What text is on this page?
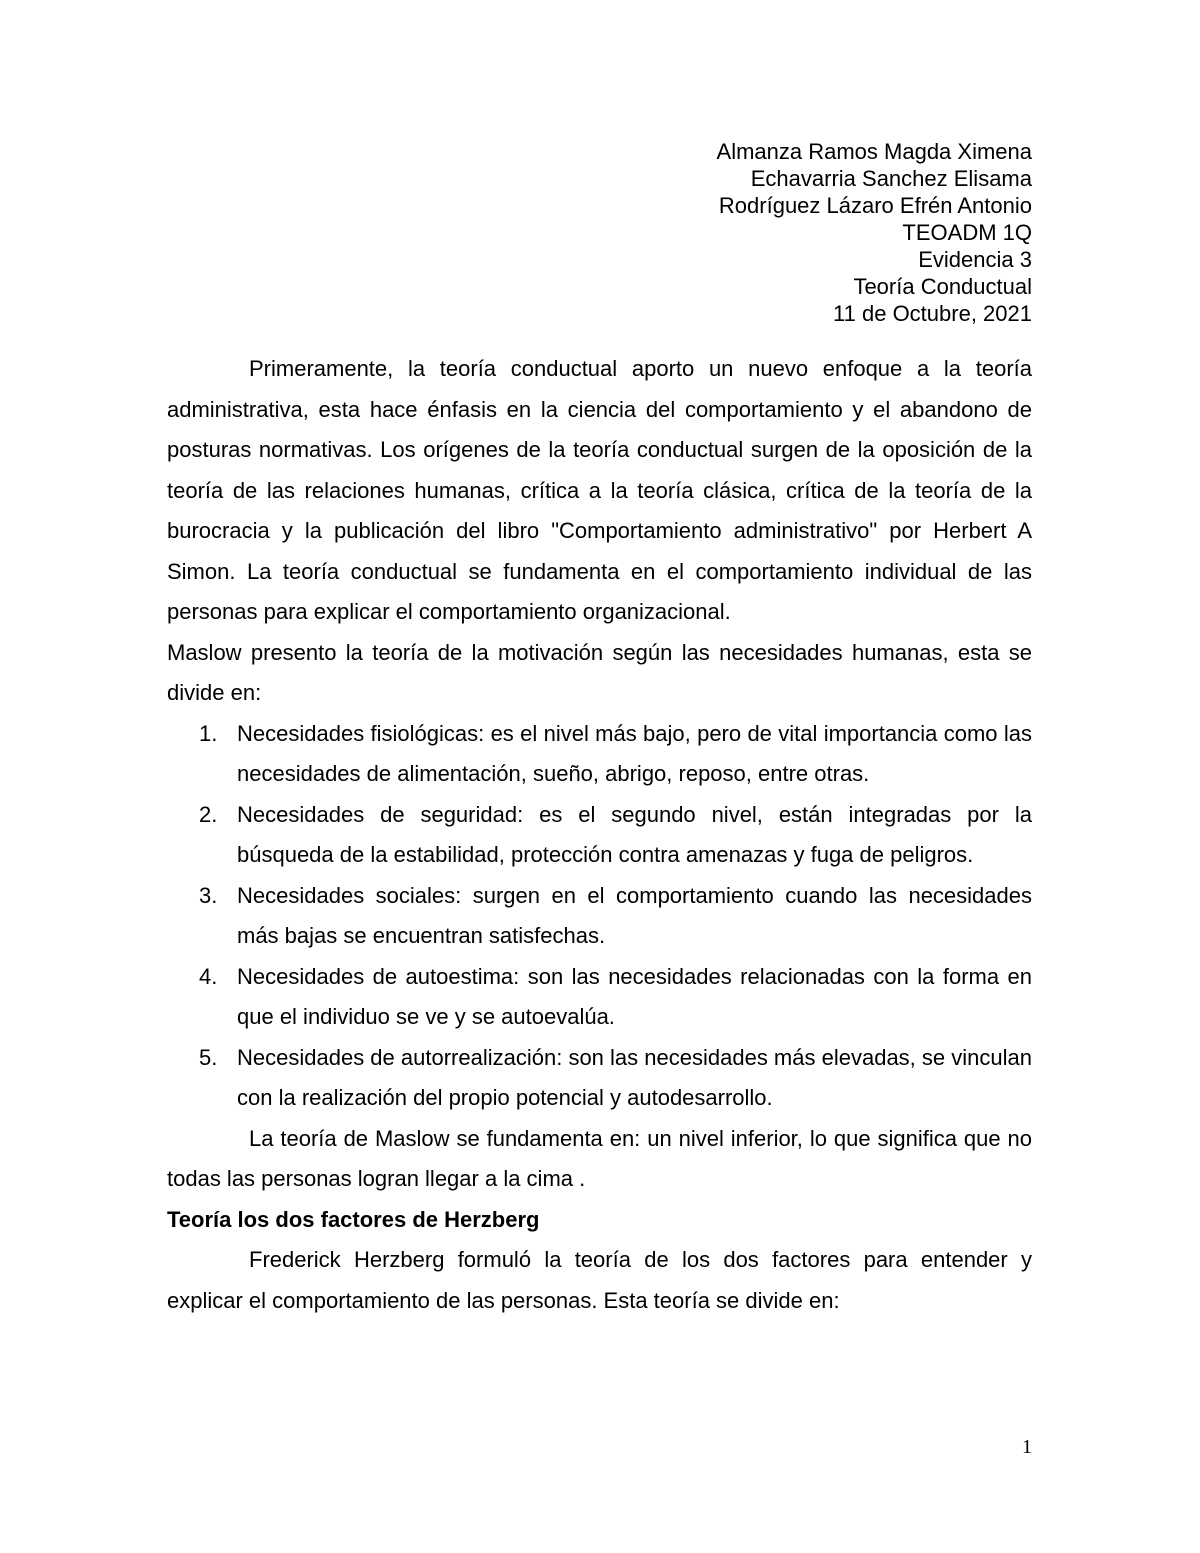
Almanza Ramos Magda Ximena
Echavarria Sanchez Elisama
Rodríguez Lázaro Efrén Antonio
TEOADM 1Q
Evidencia 3
Teoría Conductual
11 de Octubre, 2021

Primeramente, la teoría conductual aporto un nuevo enfoque a la teoría administrativa, esta hace énfasis en la ciencia del comportamiento y el abandono de posturas normativas. Los orígenes de la teoría conductual surgen de la oposición de la teoría de las relaciones humanas, crítica a la teoría clásica, crítica de la teoría de la burocracia y la publicación del libro "Comportamiento administrativo" por Herbert A Simon. La teoría conductual se fundamenta en el comportamiento individual de las personas para explicar el comportamiento organizacional.

Maslow presento la teoría de la motivación según las necesidades humanas, esta se divide en:

1. Necesidades fisiológicas: es el nivel más bajo, pero de vital importancia como las necesidades de alimentación, sueño, abrigo, reposo, entre otras.
2. Necesidades de seguridad: es el segundo nivel, están integradas por la búsqueda de la estabilidad, protección contra amenazas y fuga de peligros.
3. Necesidades sociales: surgen en el comportamiento cuando las necesidades más bajas se encuentran satisfechas.
4. Necesidades de autoestima: son las necesidades relacionadas con la forma en que el individuo se ve y se autoevalúa.
5. Necesidades de autorrealización: son las necesidades más elevadas, se vinculan con la realización del propio potencial y autodesarrollo.

La teoría de Maslow se fundamenta en: un nivel inferior, lo que significa que no todas las personas logran llegar a la cima .

Teoría los dos factores de Herzberg

Frederick Herzberg formuló la teoría de los dos factores para entender y explicar el comportamiento de las personas. Esta teoría se divide en:

1
